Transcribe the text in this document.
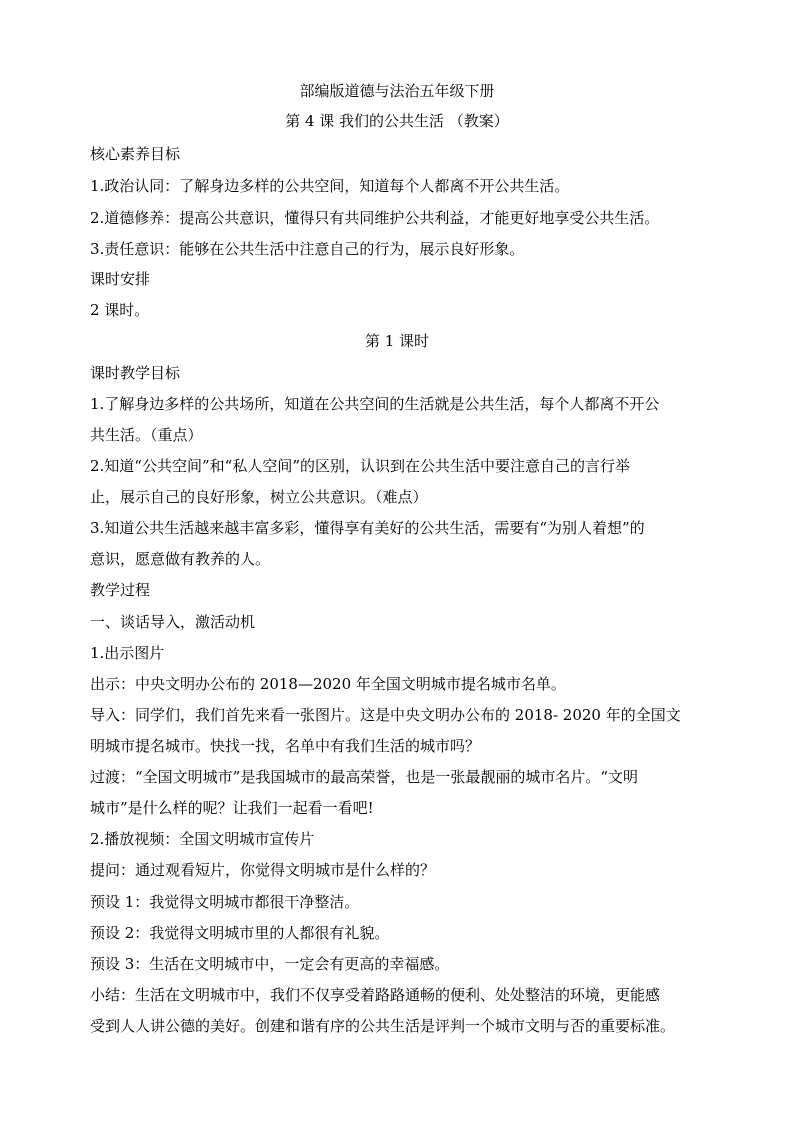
部编版道德与法治五年级下册
第 4 课 我们的公共生活 （教案）
核心素养目标
1.政治认同：了解身边多样的公共空间，知道每个人都离不开公共生活。
2.道德修养：提高公共意识，懂得只有共同维护公共利益，才能更好地享受公共生活。
3.责任意识：能够在公共生活中注意自己的行为，展示良好形象。
课时安排
2 课时。
第 1 课时
课时教学目标
1.了解身边多样的公共场所，知道在公共空间的生活就是公共生活，每个人都离不开公
共生活。（重点）
2.知道“公共空间”和“私人空间”的区别，认识到在公共生活中要注意自己的言行举
止，展示自己的良好形象，树立公共意识。（难点）
3.知道公共生活越来越丰富多彩，懂得享有美好的公共生活，需要有“为别人着想”的
意识，愿意做有教养的人。
教学过程
一、谈话导入，激活动机
1.出示图片
出示：中央文明办公布的 2018—2020 年全国文明城市提名城市名单。
导入：同学们，我们首先来看一张图片。这是中央文明办公布的 2018- 2020 年的全国文
明城市提名城市。快找一找，名单中有我们生活的城市吗？
过渡：“全国文明城市”是我国城市的最高荣誉，也是一张最靓丽的城市名片。“文明
城市”是什么样的呢？让我们一起看一看吧!
2.播放视频：全国文明城市宣传片
提问：通过观看短片，你觉得文明城市是什么样的？
预设 1：我觉得文明城市都很干净整洁。
预设 2：我觉得文明城市里的人都很有礼貌。
预设 3：生活在文明城市中，一定会有更高的幸福感。
小结：生活在文明城市中，我们不仅享受着路路通畅的便利、处处整洁的环境，更能感
受到人人讲公德的美好。创建和谐有序的公共生活是评判一个城市文明与否的重要标准。
